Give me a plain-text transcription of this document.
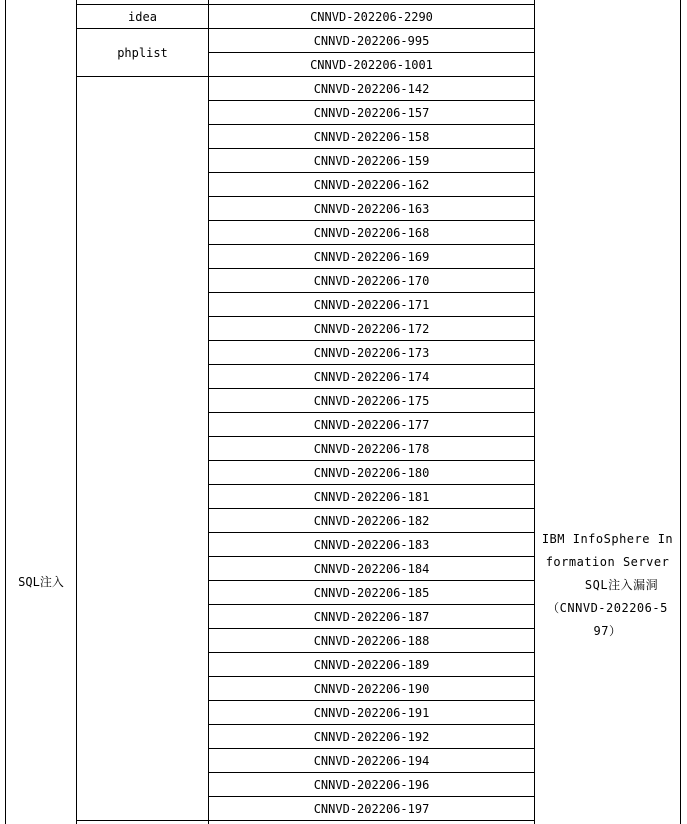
SQL注入
IBM InfoSphere In
formation Server
SQL注入漏洞
（CNNVD-202206-5
97）
idea
phplist
CNNVD-202206-2290
CNNVD-202206-995
CNNVD-202206-1001
CNNVD-202206-142
CNNVD-202206-157
CNNVD-202206-158
CNNVD-202206-159
CNNVD-202206-162
CNNVD-202206-163
CNNVD-202206-168
CNNVD-202206-169
CNNVD-202206-170
CNNVD-202206-171
CNNVD-202206-172
CNNVD-202206-173
CNNVD-202206-174
CNNVD-202206-175
CNNVD-202206-177
CNNVD-202206-178
CNNVD-202206-180
CNNVD-202206-181
CNNVD-202206-182
CNNVD-202206-183
CNNVD-202206-184
CNNVD-202206-185
CNNVD-202206-187
CNNVD-202206-188
CNNVD-202206-189
CNNVD-202206-190
CNNVD-202206-191
CNNVD-202206-192
CNNVD-202206-194
CNNVD-202206-196
CNNVD-202206-197
